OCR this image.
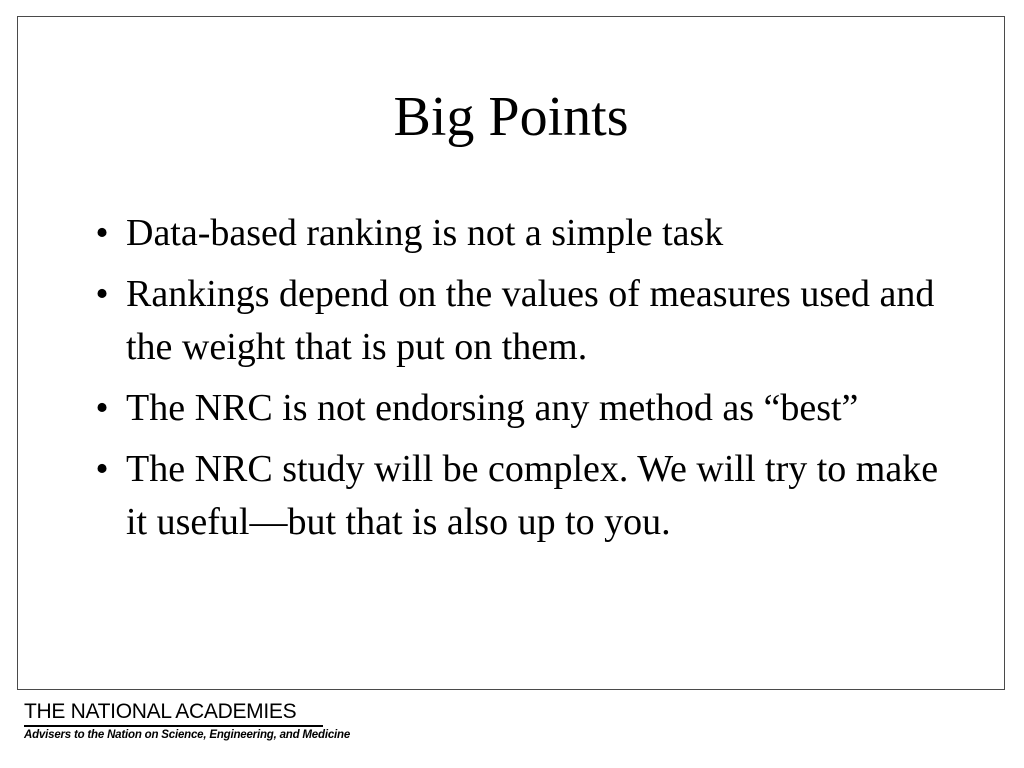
Big Points
• Data-based ranking is not a simple task
• Rankings depend on the values of measures used and the weight that is put on them.
• The NRC is not endorsing any method as “best”
• The NRC study will be complex. We will try to make it useful—but that is also up to you.
THE NATIONAL ACADEMIES
Advisers to the Nation on Science, Engineering, and Medicine
